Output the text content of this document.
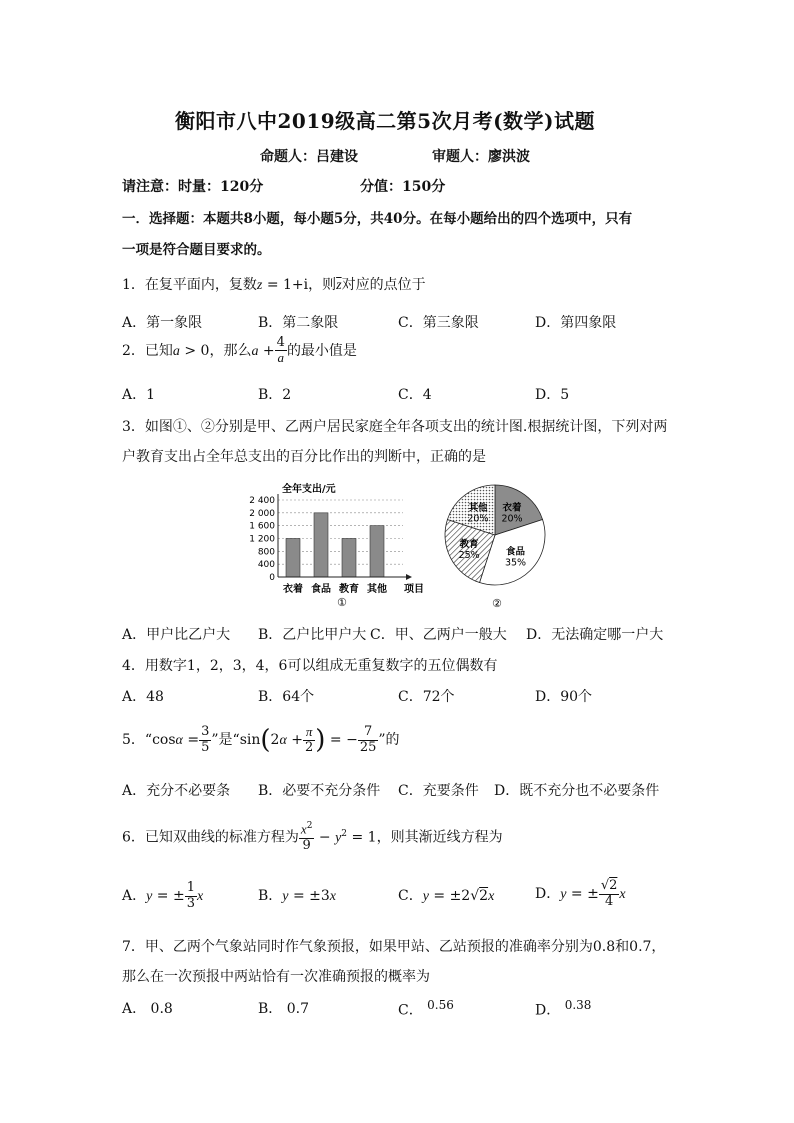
衡阳市八中2019级高二第5次月考(数学)试题
命题人：吕建设	审题人：廖洪波
请注意：时量：120分	分值：150分
一．选择题：本题共8小题，每小题5分，共40分。在每小题给出的四个选项中，只有
一项是符合题目要求的。
1．在复平面内，复数z = 1+i，则$\overline{z}$对应的点位于
A．第一象限	B．第二象限	C．第三象限	D．第四象限
2．已知a > 0，那么$a + \frac{4}{a}$ 的最小值是
A．1	B．2	C．4	D．5
3．如图①、②分别是甲、乙两户居民家庭全年各项支出的统计图.根据统计图，下列对两
户教育支出占全年总支出的百分比作出的判断中，正确的是
全年支出/元
2 400
2 000
1 600
1 200
800
400
0
衣着 食品 教育 其他 项目
①
衣着
20%
食品
35%
教育
25%
其他
20%
②
A．甲户比乙户大 B．乙户比甲户大 C．甲、乙两户一般大 D．无法确定哪一户大
4．用数字1，2，3，4，6可以组成无重复数字的五位偶数有
A．48	B．64个	C．72个	D．90个
5．“$\cos\alpha = \frac{3}{5}$ ”是“$\sin(2\alpha + \frac{\pi}{2}$ ) = − $\frac{7}{25}$ ”的
A．充分不必要条 B．必要不充分条件 C．充要条件 D．既不充分也不必要条件
6．已知双曲线的标准方程为 $\frac{x^2}{9} - y^2 = 1$，则其渐近线方程为
A．y = ± $\frac{1}{3}$ x	B．y = ±3x	C．y = ±2√2x	D．y = ± $\frac{√2}{4}$ x
7．甲、乙两个气象站同时作气象预报，如果甲站、乙站预报的准确率分别为0.8和0.7，
那么在一次预报中两站恰有一次准确预报的概率为
A． 0.8	B． 0.7	C． $^{0.56}$	D． $^{0.38}$
